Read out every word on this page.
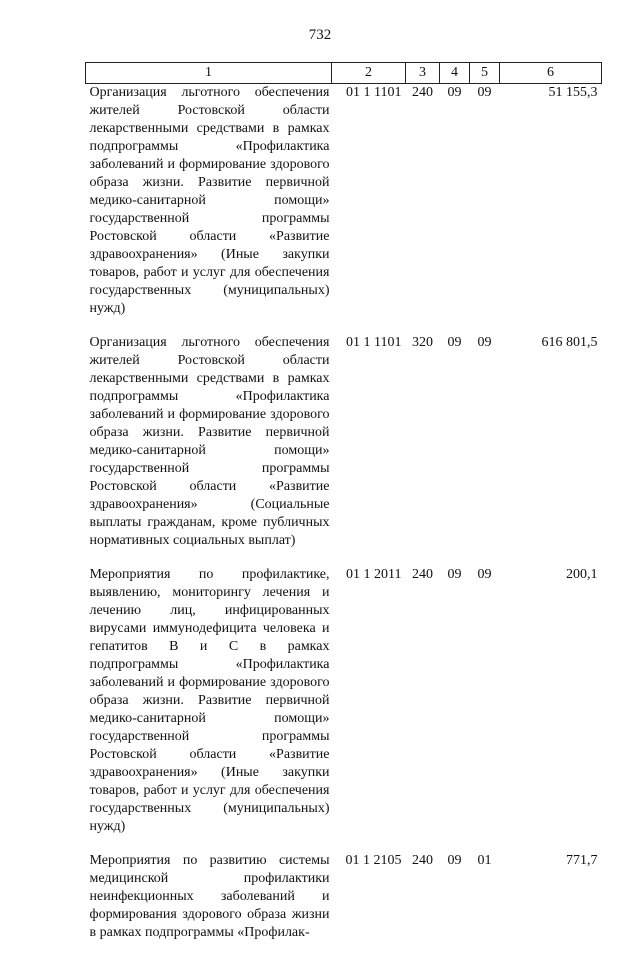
732
1	2	3	4	5	6
Организация льготного обеспечения жителей Ростовской области лекарственными средствами в рамках подпрограммы «Профилактика заболеваний и формирование здорового образа жизни. Развитие первичной медико-санитарной помощи» государственной программы Ростовской области «Развитие здравоохранения» (Иные закупки товаров, работ и услуг для обеспечения государственных (муниципальных) нужд)	01 1 1101	240	09	09	51 155,3
Организация льготного обеспечения жителей Ростовской области лекарственными средствами в рамках подпрограммы «Профилактика заболеваний и формирование здорового образа жизни. Развитие первичной медико-санитарной помощи» государственной программы Ростовской области «Развитие здравоохранения» (Социальные выплаты гражданам, кроме публичных нормативных социальных выплат)	01 1 1101	320	09	09	616 801,5
Мероприятия по профилактике, выявлению, мониторингу лечения и лечению лиц, инфицированных вирусами иммунодефицита человека и гепатитов B и C в рамках подпрограммы «Профилактика заболеваний и формирование здорового образа жизни. Развитие первичной медико-санитарной помощи» государственной программы Ростовской области «Развитие здравоохранения» (Иные закупки товаров, работ и услуг для обеспечения государственных (муниципальных) нужд)	01 1 2011	240	09	09	200,1
Мероприятия по развитию системы медицинской профилактики неинфекционных заболеваний и формирования здорового образа жизни в рамках подпрограммы «Профилак-	01 1 2105	240	09	01	771,7
